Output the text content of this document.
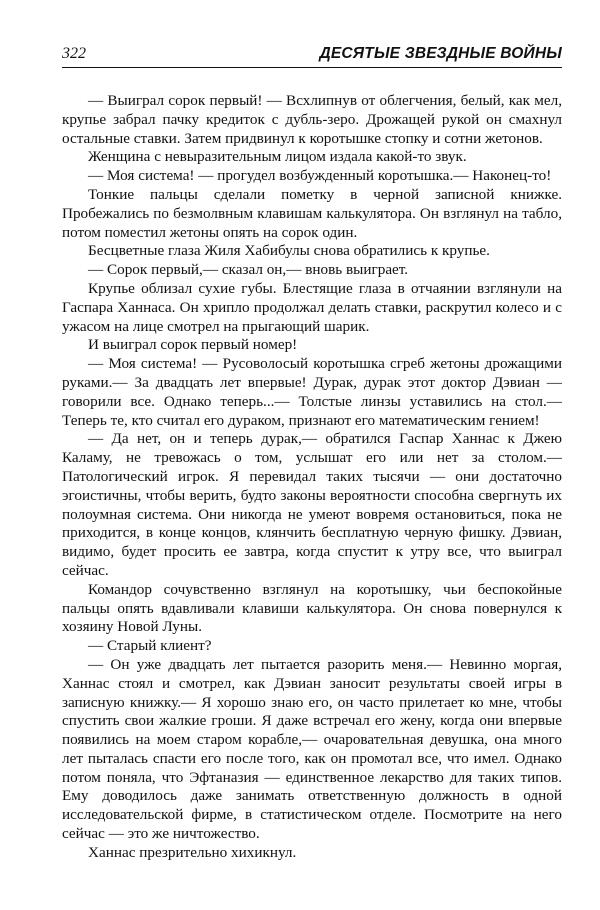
322	ДЕСЯТЫЕ ЗВЕЗДНЫЕ ВОЙНЫ

— Выиграл сорок первый! — Всхлипнув от облегчения, белый, как мел, крупье забрал пачку кредиток с дубль-зеро. Дрожащей рукой он смахнул остальные ставки. Затем придвинул к коротышке стопку и сотни жетонов.

Женщина с невыразительным лицом издала какой-то звук.

— Моя система! — прогудел возбужденный коротышка.— Наконец-то!

Тонкие пальцы сделали пометку в черной записной книжке. Пробежались по безмолвным клавишам калькулятора. Он взглянул на табло, потом поместил жетоны опять на сорок один.

Бесцветные глаза Жиля Хабибулы снова обратились к крупье.

— Сорок первый,— сказал он,— вновь выиграет.

Крупье облизал сухие губы. Блестящие глаза в отчаянии взглянули на Гаспара Ханнаса. Он хрипло продолжал делать ставки, раскрутил колесо и с ужасом на лице смотрел на прыгающий шарик.

И выиграл сорок первый номер!

— Моя система! — Русоволосый коротышка сгреб жетоны дрожащими руками.— За двадцать лет впервые! Дурак, дурак этот доктор Дэвиан — говорили все. Однако теперь...— Толстые линзы уставились на стол.— Теперь те, кто считал его дураком, признают его математическим гением!

— Да нет, он и теперь дурак,— обратился Гаспар Ханнас к Джею Каламу, не тревожась о том, услышат его или нет за столом.— Патологический игрок. Я перевидал таких тысячи — они достаточно эгоистичны, чтобы верить, будто законы вероятности способна свергнуть их полоумная система. Они никогда не умеют вовремя остановиться, пока не приходится, в конце концов, клянчить бесплатную черную фишку. Дэвиан, видимо, будет просить ее завтра, когда спустит к утру все, что выиграл сейчас.

Командор сочувственно взглянул на коротышку, чьи беспокойные пальцы опять вдавливали клавиши калькулятора. Он снова повернулся к хозяину Новой Луны.

— Старый клиент?

— Он уже двадцать лет пытается разорить меня.— Невинно моргая, Ханнас стоял и смотрел, как Дэвиан заносит результаты своей игры в записную книжку.— Я хорошо знаю его, он часто прилетает ко мне, чтобы спустить свои жалкие гроши. Я даже встречал его жену, когда они впервые появились на моем старом корабле,— очаровательная девушка, она много лет пыталась спасти его после того, как он промотал все, что имел. Однако потом поняла, что Эфтаназия — единственное лекарство для таких типов. Ему доводилось даже занимать ответственную должность в одной исследовательской фирме, в статистическом отделе. Посмотрите на него сейчас — это же ничтожество.

Ханнас презрительно хихикнул.
